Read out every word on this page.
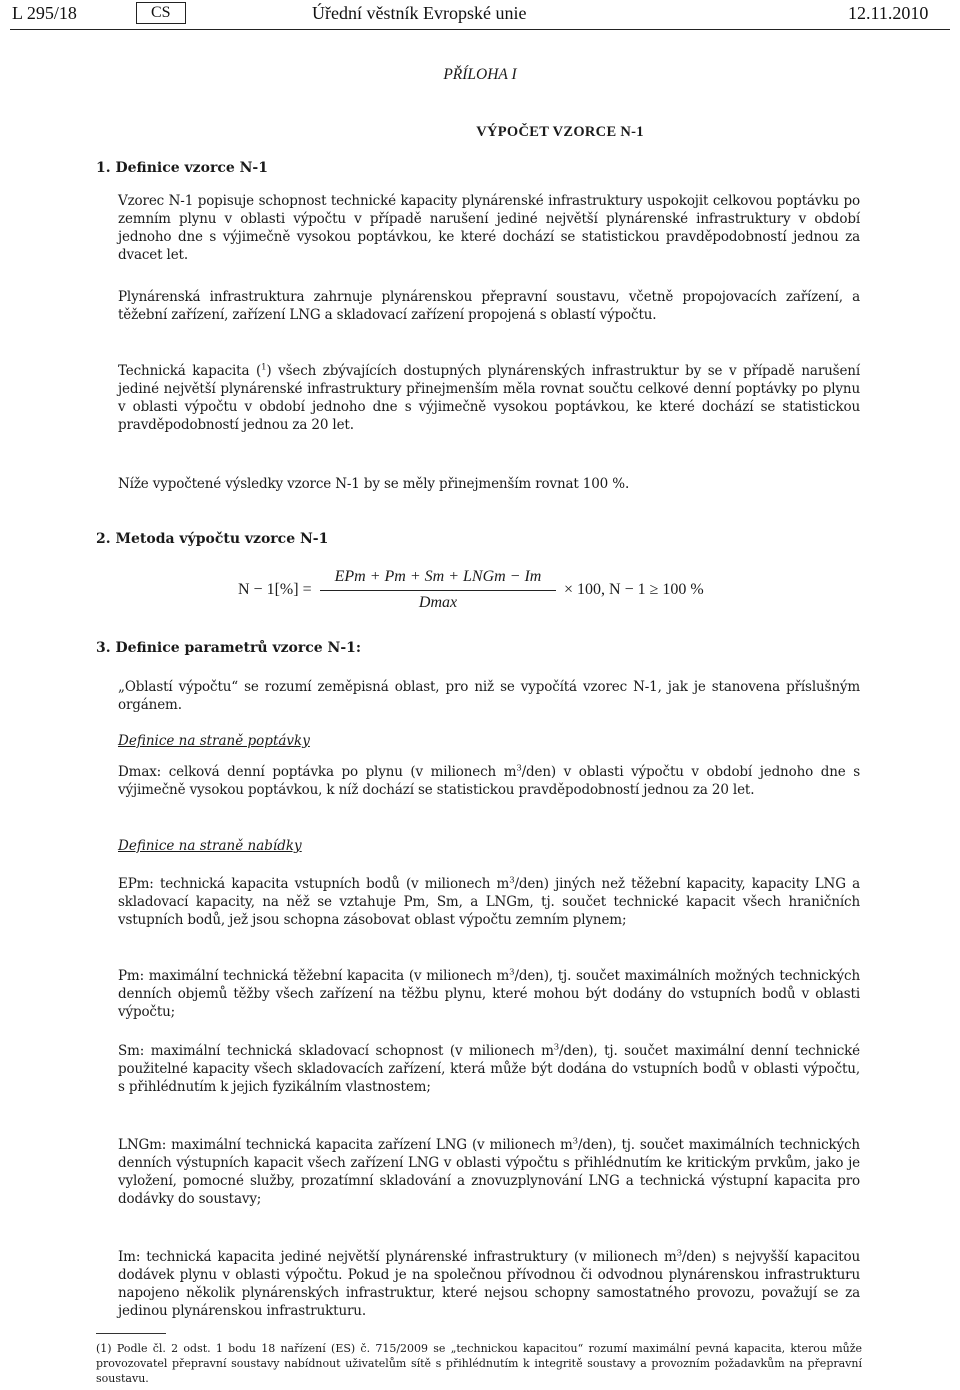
L 295/18	CS	Úřední věstník Evropské unie	12.11.2010
PŘÍLOHA I
VÝPOČET VZORCE N-1
1. Definice vzorce N-1
Vzorec N-1 popisuje schopnost technické kapacity plynárenské infrastruktury uspokojit celkovou poptávku po zemním plynu v oblasti výpočtu v případě narušení jediné největší plynárenské infrastruktury v období jednoho dne s výjimečně vysokou poptávkou, ke které dochází se statistickou pravděpodobností jednou za dvacet let.
Plynárenská infrastruktura zahrnuje plynárenskou přepravní soustavu, včetně propojovacích zařízení, a těžební zařízení, zařízení LNG a skladovací zařízení propojená s oblastí výpočtu.
Technická kapacita ($^1$) všech zbývajících dostupných plynárenských infrastruktur by se v případě narušení jediné největší plynárenské infrastruktury přinejmenším měla rovnat součtu celkové denní poptávky po plynu v oblasti výpočtu v období jednoho dne s výjimečně vysokou poptávkou, ke které dochází se statistickou pravděpodobností jednou za 20 let.
Níže vypočtené výsledky vzorce N-1 by se měly přinejmenším rovnat 100 %.
2. Metoda výpočtu vzorce N-1
N − 1[%] =
EPm + Pm + Sm + LNGm − Im
Dmax
× 100, N − 1 ≥ 100 %
3. Definice parametrů vzorce N-1:
„Oblastí výpočtu“ se rozumí zeměpisná oblast, pro niž se vypočítá vzorec N-1, jak je stanovena příslušným orgánem.
Definice na straně poptávky
Dmax: celková denní poptávka po plynu (v milionech $m^3/den$) v oblasti výpočtu v období jednoho dne s výjimečně vysokou poptávkou, k níž dochází se statistickou pravděpodobností jednou za 20 let.
Definice na straně nabídky
EPm: technická kapacita vstupních bodů (v milionech $m^3/den$) jiných než těžební kapacity, kapacity LNG a skladovací kapacity, na něž se vztahuje Pm, Sm, a LNGm, tj. součet technické kapacit všech hraničních vstupních bodů, jež jsou schopna zásobovat oblast výpočtu zemním plynem;
Pm: maximální technická těžební kapacita (v milionech $m^3/den$), tj. součet maximálních možných technických denních objemů těžby všech zařízení na těžbu plynu, které mohou být dodány do vstupních bodů v oblasti výpočtu;
Sm: maximální technická skladovací schopnost (v milionech $m^3/den$), tj. součet maximální denní technické použitelné kapacity všech skladovacích zařízení, která může být dodána do vstupních bodů v oblasti výpočtu, s přihlédnutím k jejich fyzikálním vlastnostem;
LNGm: maximální technická kapacita zařízení LNG (v milionech $m^3/den$), tj. součet maximálních technických denních výstupních kapacit všech zařízení LNG v oblasti výpočtu s přihlédnutím ke kritickým prvkům, jako je vyložení, pomocné služby, prozatímní skladování a znovuzplynování LNG a technická výstupní kapacita pro dodávky do soustavy;
Im: technická kapacita jediné největší plynárenské infrastruktury (v milionech $m^3/den$) s nejvyšší kapacitou dodávek plynu v oblasti výpočtu. Pokud je na společnou přívodnou či odvodnou plynárenskou infrastrukturu napojeno několik plynárenských infrastruktur, které nejsou schopny samostatného provozu, považují se za jedinou plynárenskou infrastrukturu.
(1) Podle čl. 2 odst. 1 bodu 18 nařízení (ES) č. 715/2009 se „technickou kapacitou“ rozumí maximální pevná kapacita, kterou může provozovatel přepravní soustavy nabídnout uživatelům sítě s přihlédnutím k integritě soustavy a provozním požadavkům na přepravní soustavu.
